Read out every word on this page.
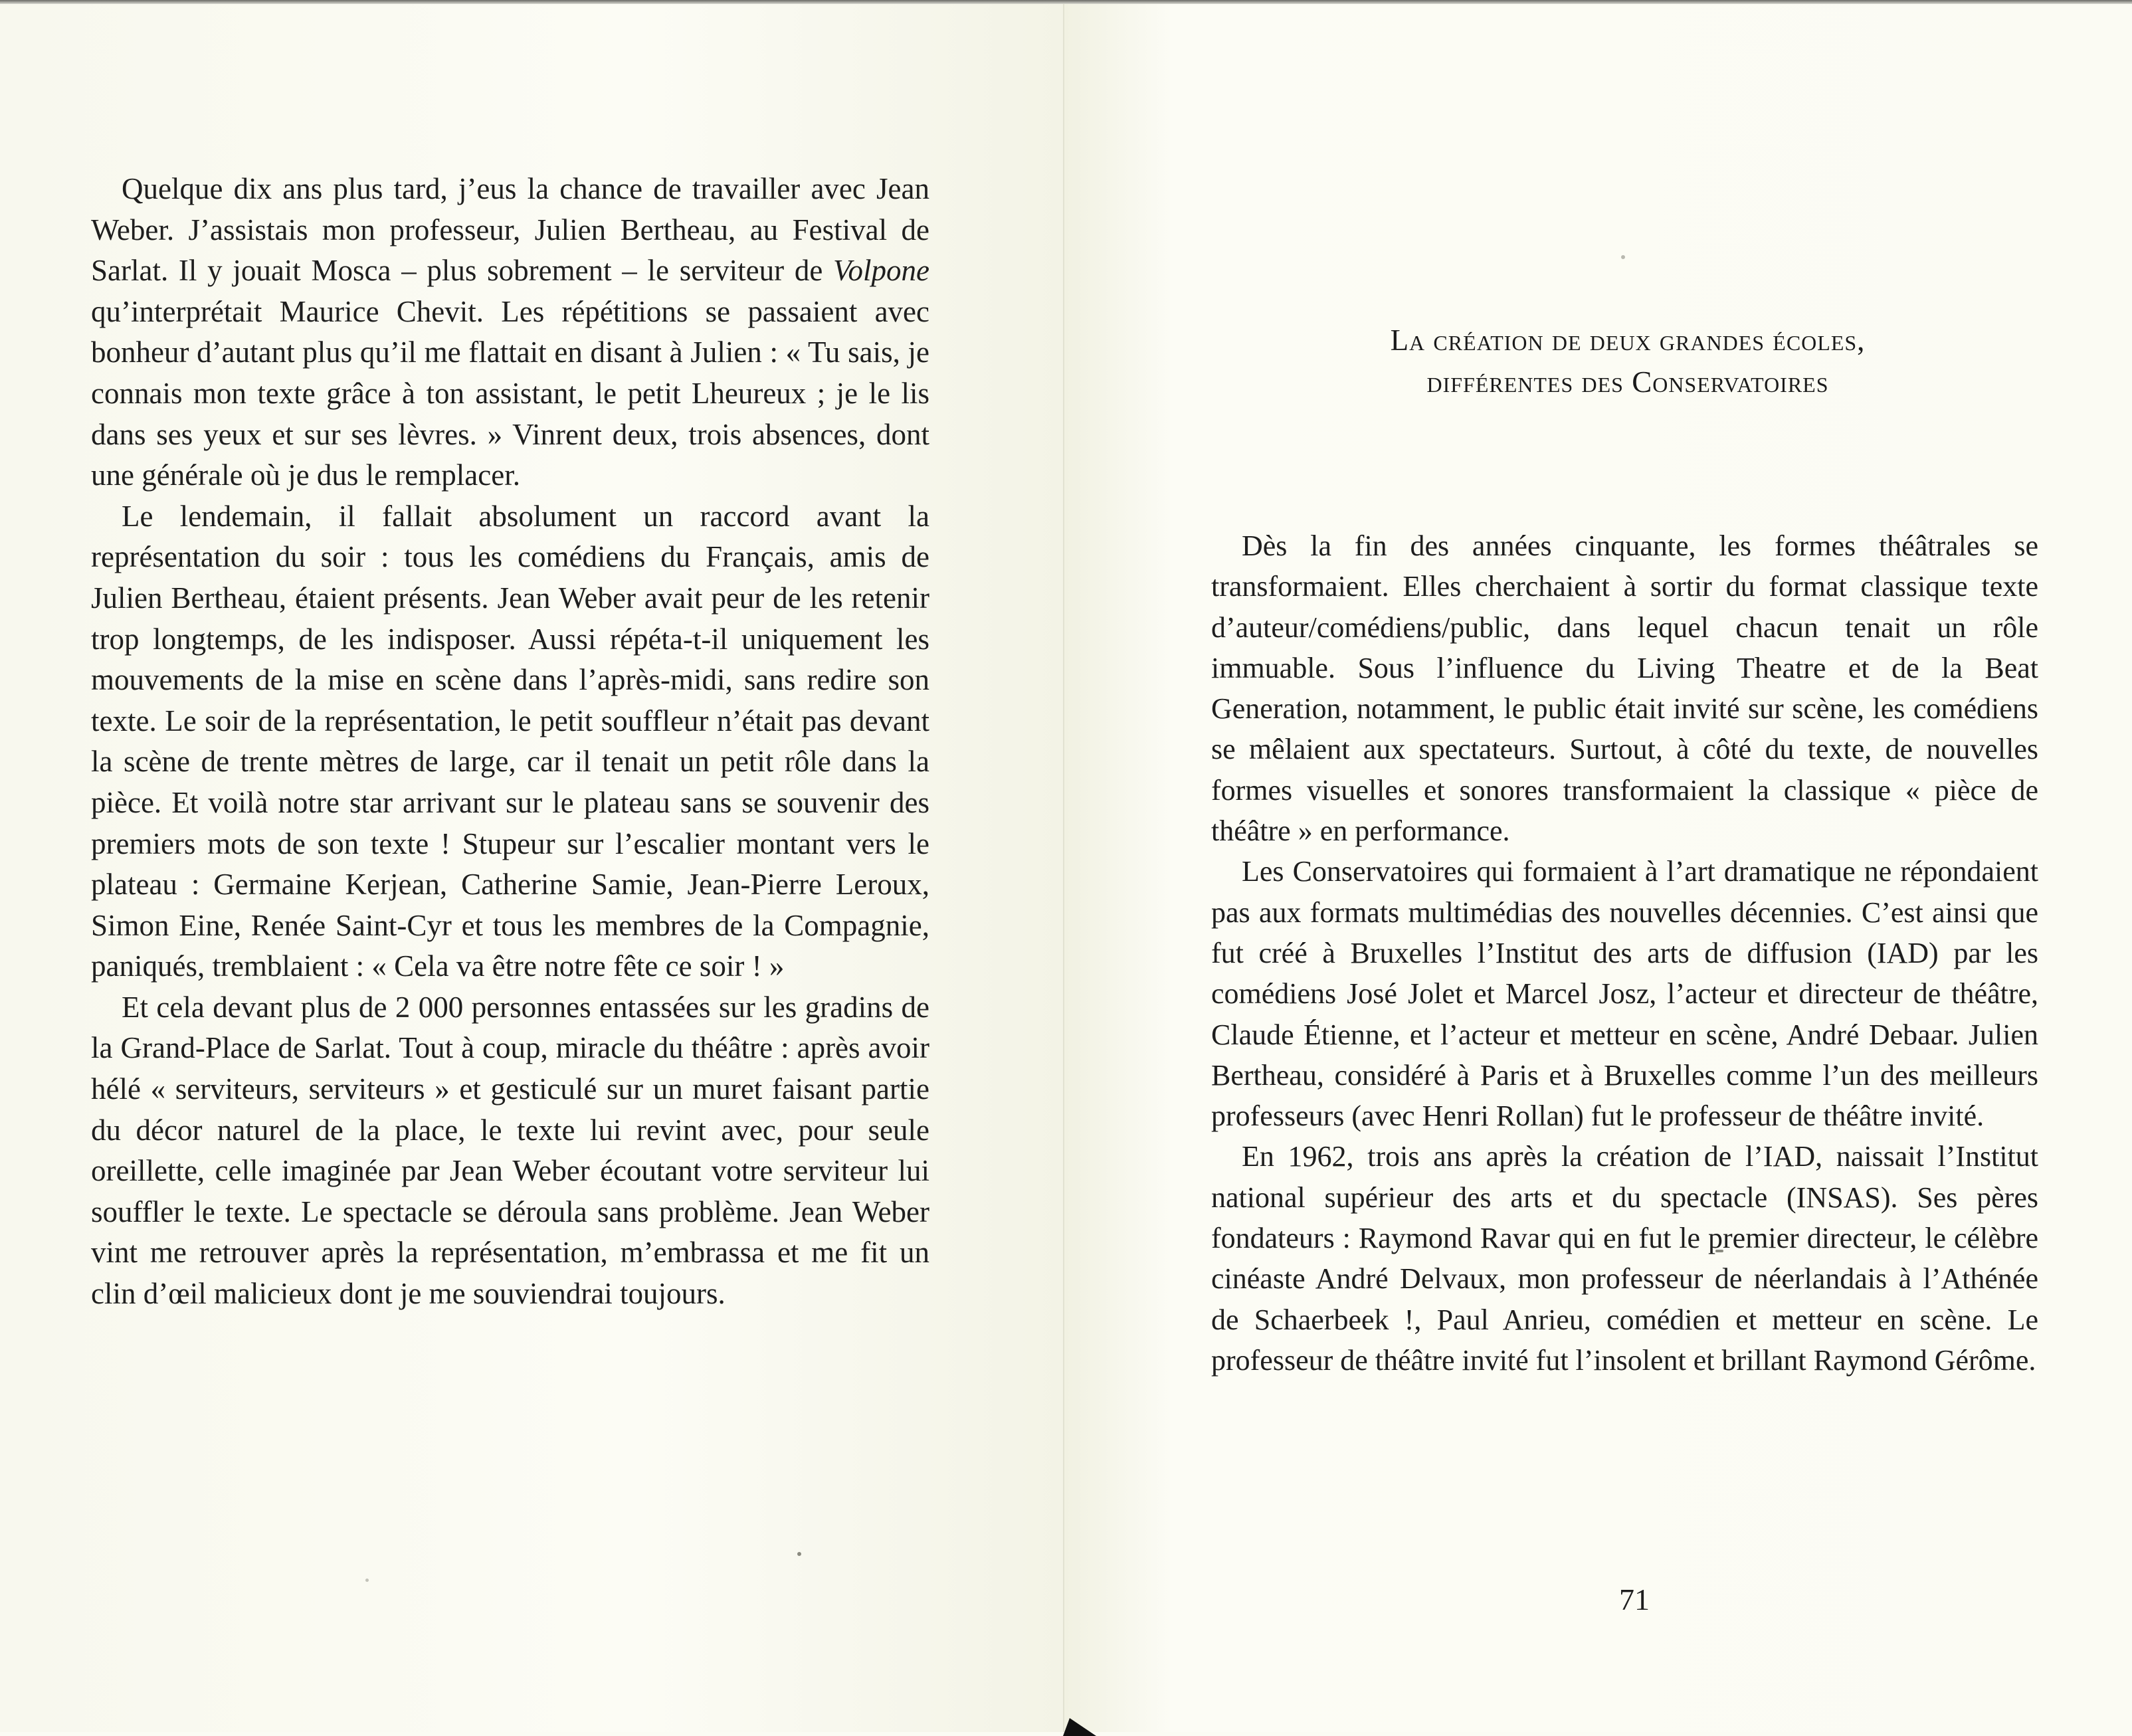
Quelque dix ans plus tard, j’eus la chance de travailler avec Jean Weber. J’assistais mon professeur, Julien Bertheau, au Festival de Sarlat. Il y jouait Mosca – plus sobrement – le serviteur de Volpone qu’interprétait Maurice Chevit. Les répétitions se passaient avec bonheur d’autant plus qu’il me flattait en disant à Julien : « Tu sais, je connais mon texte grâce à ton assistant, le petit Lheureux ; je le lis dans ses yeux et sur ses lèvres. » Vinrent deux, trois absences, dont une générale où je dus le remplacer.

Le lendemain, il fallait absolument un raccord avant la représentation du soir : tous les comédiens du Français, amis de Julien Bertheau, étaient présents. Jean Weber avait peur de les retenir trop longtemps, de les indisposer. Aussi répéta-t-il uniquement les mouvements de la mise en scène dans l’après-midi, sans redire son texte. Le soir de la représentation, le petit souffleur n’était pas devant la scène de trente mètres de large, car il tenait un petit rôle dans la pièce. Et voilà notre star arrivant sur le plateau sans se souvenir des premiers mots de son texte ! Stupeur sur l’escalier montant vers le plateau : Germaine Kerjean, Catherine Samie, Jean-Pierre Leroux, Simon Eine, Renée Saint-Cyr et tous les membres de la Compagnie, paniqués, tremblaient : « Cela va être notre fête ce soir ! »

Et cela devant plus de 2 000 personnes entassées sur les gradins de la Grand-Place de Sarlat. Tout à coup, miracle du théâtre : après avoir hélé « serviteurs, serviteurs » et gesticulé sur un muret faisant partie du décor naturel de la place, le texte lui revint avec, pour seule oreillette, celle imaginée par Jean Weber écoutant votre serviteur lui souffler le texte. Le spectacle se déroula sans problème. Jean Weber vint me retrouver après la représentation, m’embrassa et me fit un clin d’œil malicieux dont je me souviendrai toujours.

La création de deux grandes écoles,
différentes des Conservatoires

Dès la fin des années cinquante, les formes théâtrales se transformaient. Elles cherchaient à sortir du format classique texte d’auteur/comédiens/public, dans lequel chacun tenait un rôle immuable. Sous l’influence du Living Theatre et de la Beat Generation, notamment, le public était invité sur scène, les comédiens se mêlaient aux spectateurs. Surtout, à côté du texte, de nouvelles formes visuelles et sonores transformaient la classique « pièce de théâtre » en performance.

Les Conservatoires qui formaient à l’art dramatique ne répondaient pas aux formats multimédias des nouvelles décennies. C’est ainsi que fut créé à Bruxelles l’Institut des arts de diffusion (IAD) par les comédiens José Jolet et Marcel Josz, l’acteur et directeur de théâtre, Claude Étienne, et l’acteur et metteur en scène, André Debaar. Julien Bertheau, considéré à Paris et à Bruxelles comme l’un des meilleurs professeurs (avec Henri Rollan) fut le professeur de théâtre invité.

En 1962, trois ans après la création de l’IAD, naissait l’Institut national supérieur des arts et du spectacle (INSAS). Ses pères fondateurs : Raymond Ravar qui en fut le premier directeur, le célèbre cinéaste André Delvaux, mon professeur de néerlandais à l’Athénée de Schaerbeek !, Paul Anrieu, comédien et metteur en scène. Le professeur de théâtre invité fut l’insolent et brillant Raymond Gérôme.

71
